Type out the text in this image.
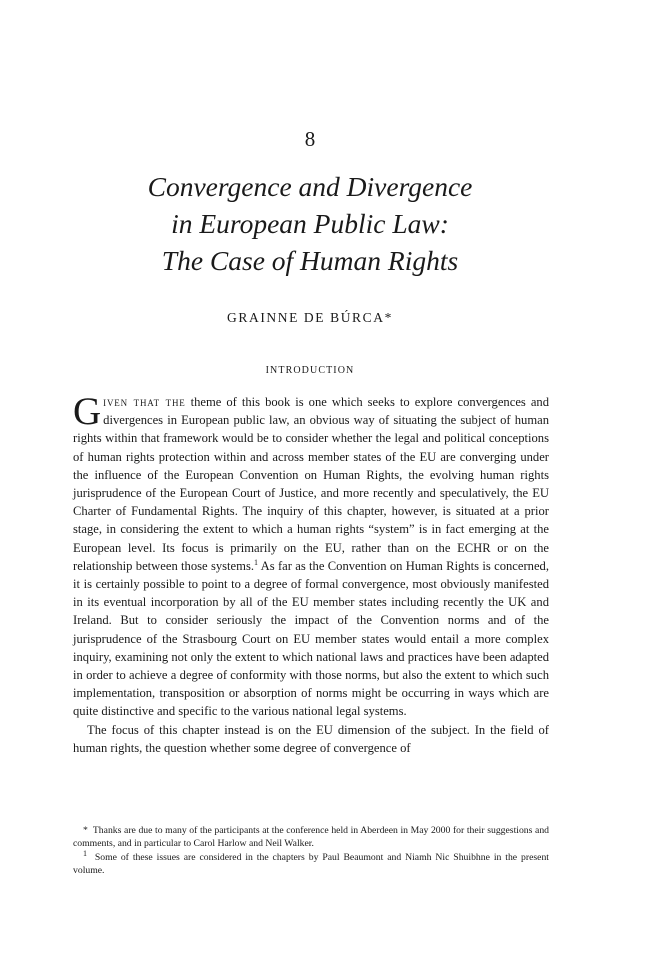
8
Convergence and Divergence
in European Public Law:
The Case of Human Rights
GRAINNE DE BÚRCA*
INTRODUCTION

Given that the theme of this book is one which seeks to explore convergences and divergences in European public law, an obvious way of situating the subject of human rights within that framework would be to consider whether the legal and political conceptions of human rights protection within and across member states of the EU are converging under the influence of the European Convention on Human Rights, the evolving human rights jurisprudence of the European Court of Justice, and more recently and speculatively, the EU Charter of Fundamental Rights. The inquiry of this chapter, however, is situated at a prior stage, in considering the extent to which a human rights “system” is in fact emerging at the European level. Its focus is primarily on the EU, rather than on the ECHR or on the relationship between those systems.$^1$ As far as the Convention on Human Rights is concerned, it is certainly possible to point to a degree of formal convergence, most obviously manifested in its eventual incorporation by all of the EU member states including recently the UK and Ireland. But to consider seriously the impact of the Convention norms and of the jurisprudence of the Strasbourg Court on EU member states would entail a more complex inquiry, examining not only the extent to which national laws and practices have been adapted in order to achieve a degree of conformity with those norms, but also the extent to which such implementation, transposition or absorption of norms might be occurring in ways which are quite distinctive and specific to the various national legal systems.

The focus of this chapter instead is on the EU dimension of the subject. In the field of human rights, the question whether some degree of convergence of

* Thanks are due to many of the participants at the conference held in Aberdeen in May 2000 for their suggestions and comments, and in particular to Carol Harlow and Neil Walker.

$^1$ Some of these issues are considered in the chapters by Paul Beaumont and Niamh Nic Shuibhne in the present volume.
